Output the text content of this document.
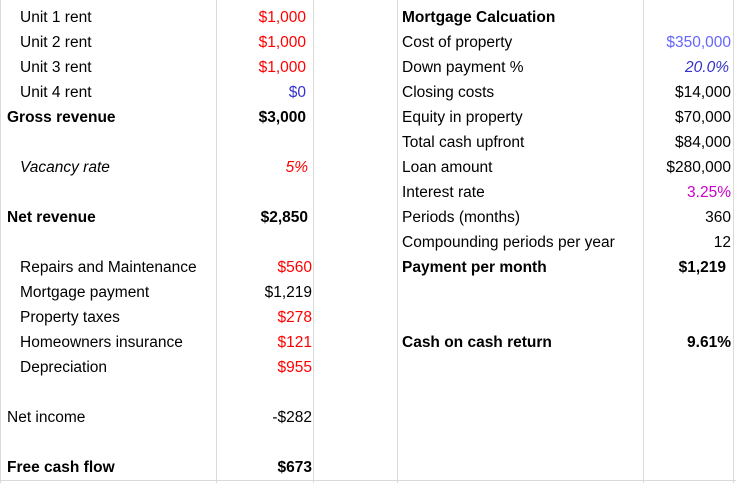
Unit 1 rent	$1,000
Unit 2 rent	$1,000
Unit 3 rent	$1,000
Unit 4 rent	$0
Gross revenue	$3,000
Vacancy rate	5%
Net revenue	$2,850
Repairs and Maintenance	$560
Mortgage payment	$1,219
Property taxes	$278
Homeowners insurance	$121
Depreciation	$955
Net income	-$282
Free cash flow	$673
Mortgage Calcuation
Cost of property	$350,000
Down payment %	20.0%
Closing costs	$14,000
Equity in property	$70,000
Total cash upfront	$84,000
Loan amount	$280,000
Interest rate	3.25%
Periods (months)	360
Compounding periods per year	12
Payment per month	$1,219
Cash on cash return	9.61%
